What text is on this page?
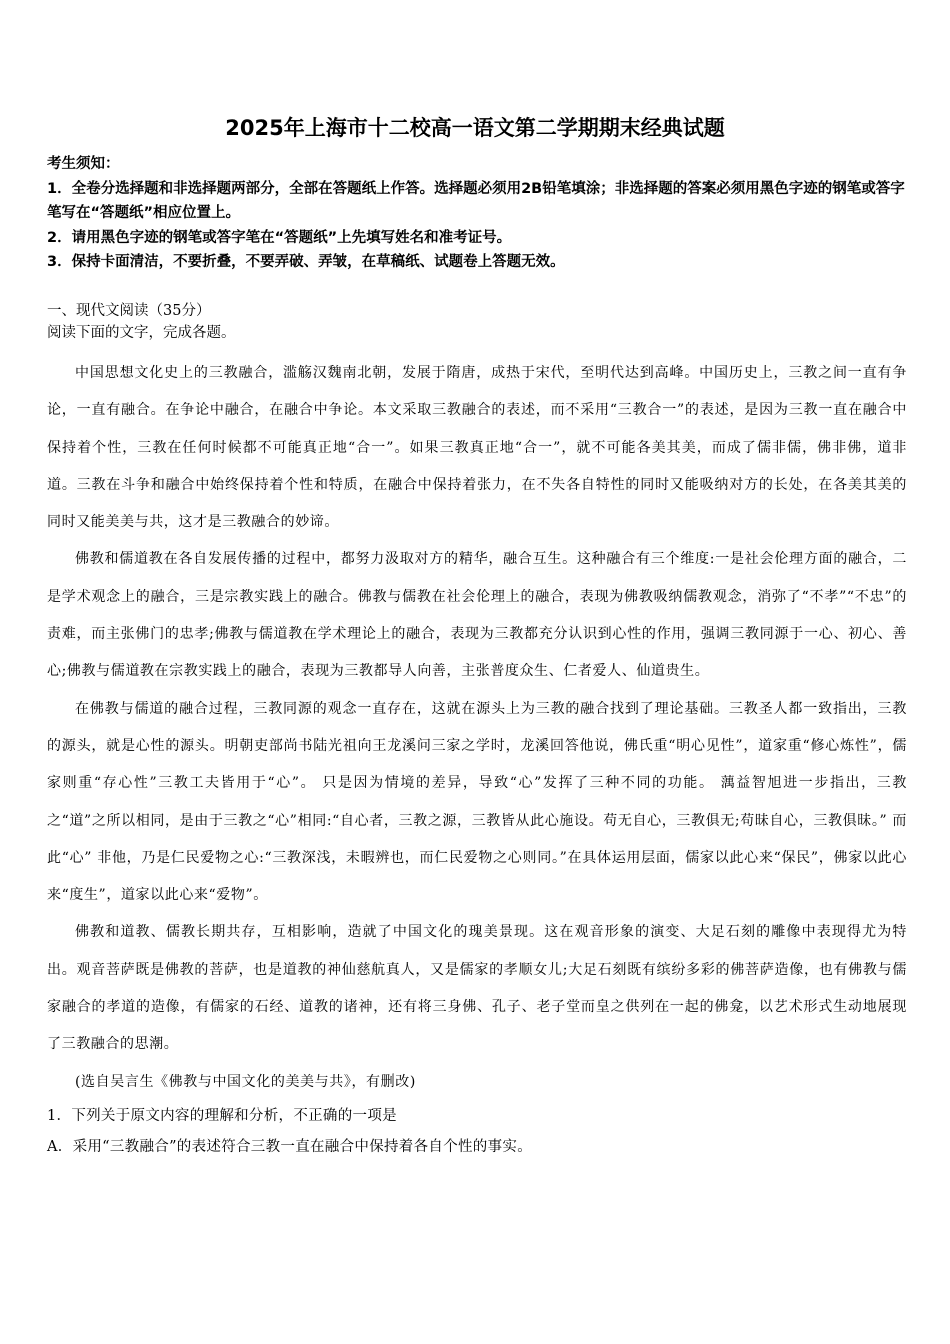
2025年上海市十二校高一语文第二学期期末经典试题
考生须知：
1．全卷分选择题和非选择题两部分，全部在答题纸上作答。选择题必须用2B铅笔填涂；非选择题的答案必须用黑色字迹的钢笔或答字笔写在“答题纸”相应位置上。
2．请用黑色字迹的钢笔或答字笔在“答题纸”上先填写姓名和准考证号。
3．保持卡面清洁，不要折叠，不要弄破、弄皱，在草稿纸、试题卷上答题无效。
一、现代文阅读（35分）
阅读下面的文字，完成各题。

中国思想文化史上的三教融合，滥觞汉魏南北朝，发展于隋唐，成热于宋代，至明代达到高峰。中国历史上，三教之间一直有争论，一直有融合。在争论中融合，在融合中争论。本文采取三教融合的表述，而不采用“三教合一”的表述，是因为三教一直在融合中保持着个性，三教在任何时候都不可能真正地“合一”。如果三教真正地“合一”，就不可能各美其美，而成了儒非儒，佛非佛，道非道。三教在斗争和融合中始终保持着个性和特质，在融合中保持着张力，在不失各自特性的同时又能吸纳对方的长处，在各美其美的同时又能美美与共，这才是三教融合的妙谛。

佛教和儒道教在各自发展传播的过程中，都努力汲取对方的精华，融合互生。这种融合有三个维度:一是社会伦理方面的融合，二是学术观念上的融合，三是宗教实践上的融合。佛教与儒教在社会伦理上的融合，表现为佛教吸纳儒教观念，消弥了“不孝”“不忠”的责难，而主张佛门的忠孝;佛教与儒道教在学术理论上的融合，表现为三教都充分认识到心性的作用，强调三教同源于一心、初心、善心;佛教与儒道教在宗教实践上的融合，表现为三教都导人向善，主张普度众生、仁者爱人、仙道贵生。

在佛教与儒道的融合过程，三教同源的观念一直存在，这就在源头上为三教的融合找到了理论基础。三教圣人都一致指出，三教的源头，就是心性的源头。明朝吏部尚书陆光祖向王龙溪问三家之学时，龙溪回答他说，佛氏重“明心见性”，道家重“修心炼性”，儒家则重“存心性”三教工夫皆用于“心”。 只是因为情境的差异，导致“心”发挥了三种不同的功能。 蕅益智旭进一步指出，三教之“道”之所以相同，是由于三教之“心”相同:“自心者，三教之源，三教皆从此心施设。苟无自心，三教俱无;苟昧自心，三教俱昧。” 而此“心” 非他，乃是仁民爱物之心:“三教深浅，未暇辨也，而仁民爱物之心则同。”在具体运用层面，儒家以此心来“保民”，佛家以此心来“度生”，道家以此心来“爱物”。

佛教和道教、儒教长期共存，互相影响，造就了中国文化的瑰美景现。这在观音形象的演变、大足石刻的雕像中表现得尤为特出。观音菩萨既是佛教的菩萨，也是道教的神仙慈航真人，又是儒家的孝顺女儿;大足石刻既有缤纷多彩的佛菩萨造像，也有佛教与儒家融合的孝道的造像，有儒家的石经、道教的诸神，还有将三身佛、孔子、老子堂而皇之供列在一起的佛龛，以艺术形式生动地展现了三教融合的思潮。

(选自吴言生《佛教与中国文化的美美与共》，有删改)

1．下列关于原文内容的理解和分析，不正确的一项是

A．采用“三教融合”的表述符合三教一直在融合中保持着各自个性的事实。
